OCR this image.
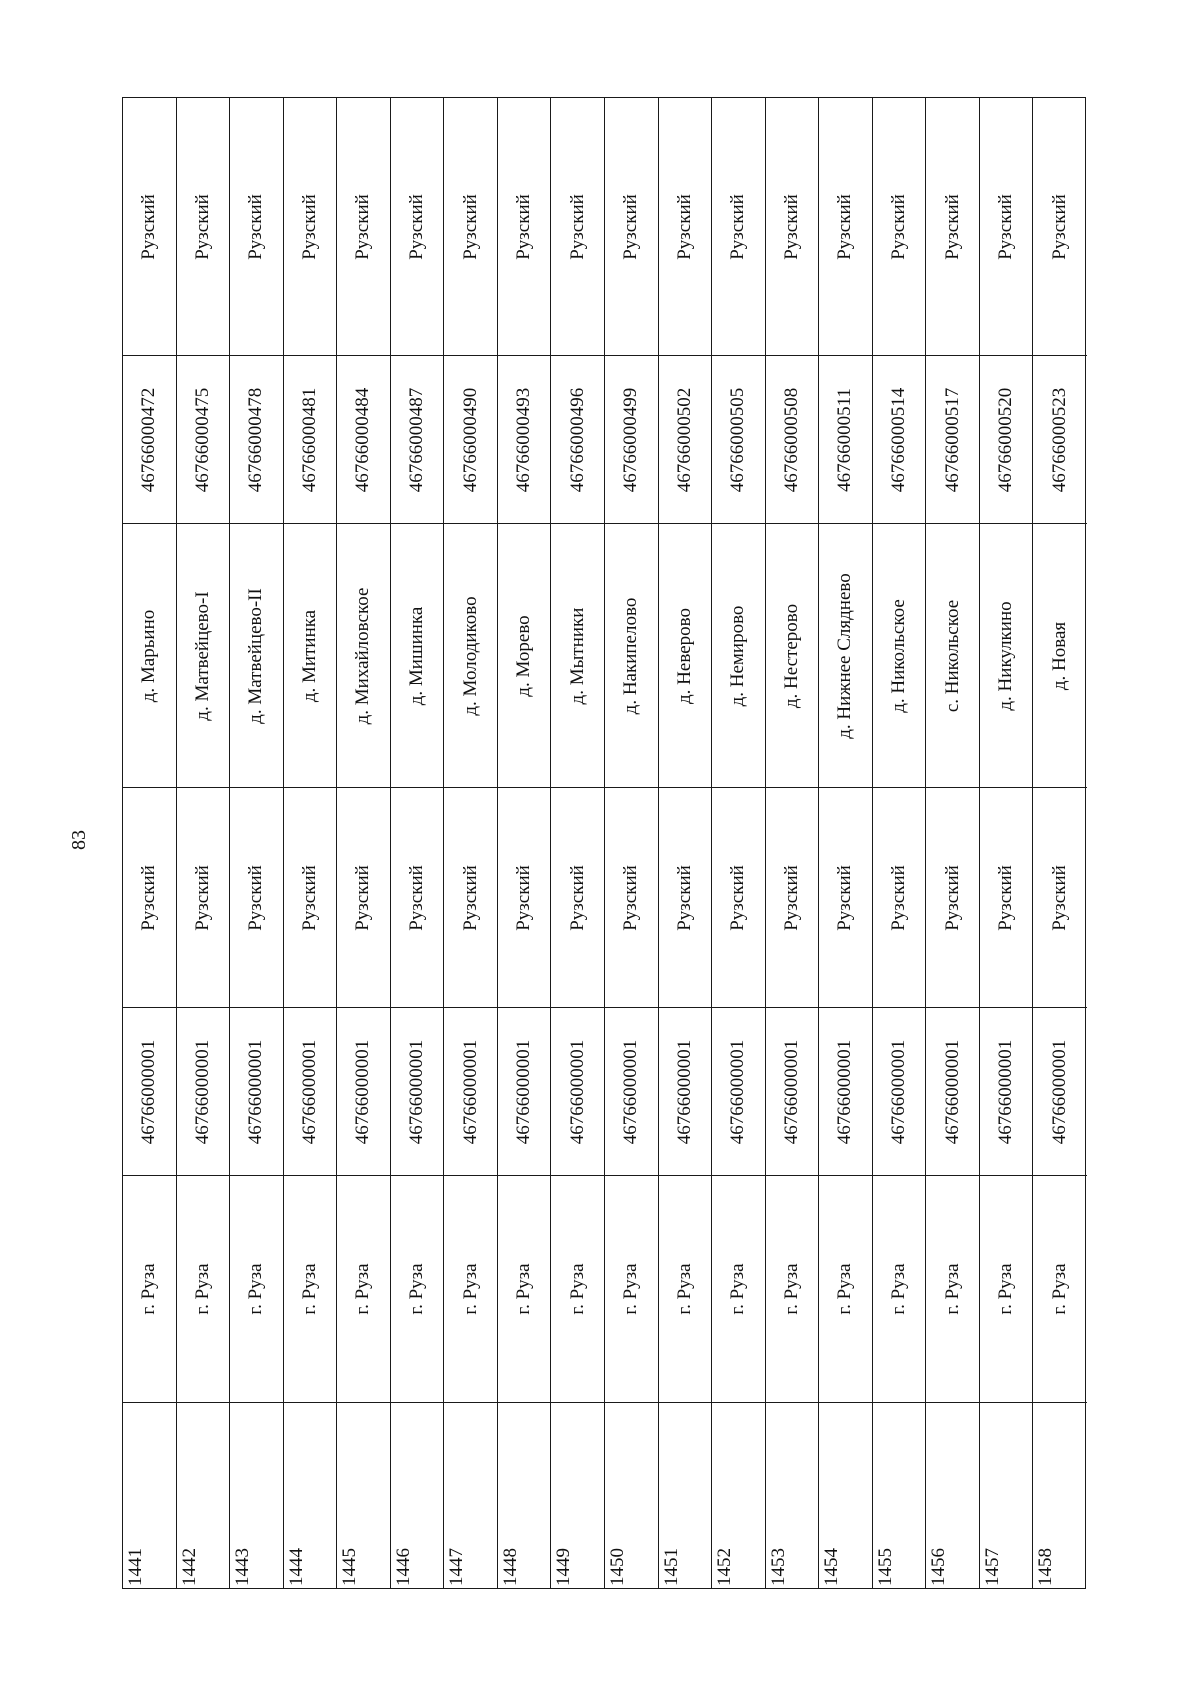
83
Рузский
46766000472
д. Марьино
Рузский
46766000001
г. Руза
1441
Рузский
46766000475
д. Матвейцево-I
Рузский
46766000001
г. Руза
1442
Рузский
46766000478
д. Матвейцево-II
Рузский
46766000001
г. Руза
1443
Рузский
46766000481
д. Митинка
Рузский
46766000001
г. Руза
1444
Рузский
46766000484
д. Михайловское
Рузский
46766000001
г. Руза
1445
Рузский
46766000487
д. Мишинка
Рузский
46766000001
г. Руза
1446
Рузский
46766000490
д. Молодиково
Рузский
46766000001
г. Руза
1447
Рузский
46766000493
д. Морево
Рузский
46766000001
г. Руза
1448
Рузский
46766000496
д. Мытники
Рузский
46766000001
г. Руза
1449
Рузский
46766000499
д. Накипелово
Рузский
46766000001
г. Руза
1450
Рузский
46766000502
д. Неверово
Рузский
46766000001
г. Руза
1451
Рузский
46766000505
д. Немирово
Рузский
46766000001
г. Руза
1452
Рузский
46766000508
д. Нестерово
Рузский
46766000001
г. Руза
1453
Рузский
46766000511
д. Нижнее Сляднево
Рузский
46766000001
г. Руза
1454
Рузский
46766000514
д. Никольское
Рузский
46766000001
г. Руза
1455
Рузский
46766000517
с. Никольское
Рузский
46766000001
г. Руза
1456
Рузский
46766000520
д. Никулкино
Рузский
46766000001
г. Руза
1457
Рузский
46766000523
д. Новая
Рузский
46766000001
г. Руза
1458
